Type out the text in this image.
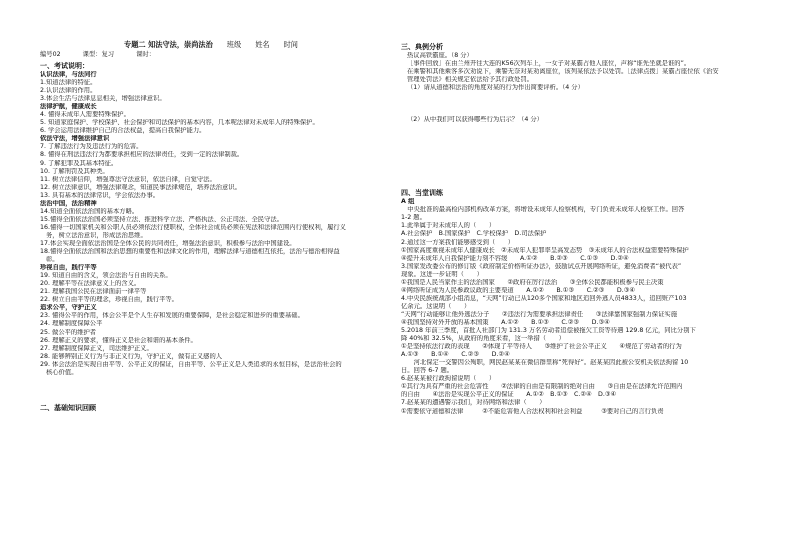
专题二 知法守法，崇尚法治 班级 姓名 时间
编号02	课型：复习	课时：
一、考试说明：
认识法律，与法同行
1.知道法律的特征。
2.认识法律的作用。
3.体会生活与法律息息相关，增强法律意识。
法律护航，健康成长
4. 懂得未成年人需要特殊保护。
5. 知道家庭保护、学校保护、社会保护和司法保护的基本内容，几本呢法律对未成年人的特殊保护。
6. 学会运用法律维护自己的合法权益，提高自我保护能力。
依法守法，增强法律意识
7. 了解违法行为及违法行为的危害。
8. 懂得在刑法违法行为都要承担相应的法律责任，受到一定的法律制裁。
9. 了解犯罪及其基本特征。
10. 了解刑罚及其种类。
11. 树立法律信仰，增强尊法守法意识，依法自律，自觉守法。
12. 树立法律意识，增强法律观念，知道民事法律规范，培养法治意识。
13. 具有基本的法律常识，学会依法办事。
法治中国，法治精神
14.知道全面依法治国的基本方略。
15.懂得全面依法治国必须坚持立法、推进科学立法、严格执法、公正司法、全民守法。
16.懂得一切国家机关和公职人员必须依法行使职权，全体社会成员必须在宪法和法律范围内行使权利，履行义
务，树立法治意识，形成法治思维。
17.体会实现全面依法治国是全体公民的共同责任，增强法治意识，积极参与法治中国建设。
18.懂得全面依法治国和法治思想的重要性和法律文化的作用，理解法律与道德相互依托，法治与德治相得益
彰。
珍视自由，践行平等
19. 知道自由的含义，领会法治与自由的关系。
20. 理解平等在法律意义上的含义。
21. 理解我国公民在法律面前一律平等
22. 树立自由平等的理念，珍视自由，践行平等。
追求公平，守护正义
23. 懂得公平的作用，体会公平是个人生存和发展的重要保障，是社会稳定和进步的重要基础。
24. 理解制度保障公平
25. 做公平的维护者
26. 理解正义的要求，懂得正义是社会和谐的基本条件。
27. 理解制度保障正义，司法维护正义。
28. 能够辨别正义行为与非正义行为，守护正义，做有正义感的人
29. 体会法治是实现自由平等、公平正义的保证，自由平等、公平正义是人类追求的永恒目标，是法治社会的
核心价值。
二、基础知识回顾
三、典例分析
热议高铁霸座。（8 分）
［事件回放］在由兰州开往大连的K56次列车上，一女子对某霸占他人座位，声称“谁先坐就是谁的”。
在乘警和其他乘客多次劝说下，乘警无奈对某劝离座位，该列某依法予以处罚。［法律点拨］某霸占座位依《治安
管理处罚法》相关规定依法给予其行政处罚。
（1）请从道德和法治的角度对某的行为作出简要评析。（4 分）
（2）从中我们可以获得哪些行为启示？（4 分）
四、当堂训练
A 组
　中央批准的最高检内部机构改革方案，将增设未成年人检察机构，专门负责未成年人检察工作。回答
1-2 题。
1.此举属于对未成年人的（　　）
A.社会保护　B.国家保护　C.学校保护　D.司法保护
2.通过这一方案我们能够感受到（　　）
①国家高度重视未成年人健康成长　②未成年人犯罪率呈高发态势　③未成年人的合法权益需要特殊保护
④提升未成年人自我保护能力刻不容缓　　A.①②　　B.②③　　C.①③　　D.②④
3.国家发改委公布的修订版《政府制定价格听证办法》，鼓励试点开展网络听证，避免消费者“被代表”
现象。这进一步证明（　　）
①我国是人民当家作主的法治国家　　②政府在厉行法治　　③全体公民都能积极参与民主决策
④网络听证成为人民参政议政的主要渠道　　A.①②　　B.①③　　C.②③　　D.③④
4.中央民族统战部小组消息，“天网”行动已从120多个国家和地区追回外逃人员4833人，追回赃产103
亿余元。这说明（　　）
“天网”行动能够让他外逃法分子　　②违法行为需要承担法律责任　　③法律靠国家强制力保证实施
④我国坚持对外开放的基本国策　　A.①②　　B.①③　　C.②③　　D.③④
5.2018 年前三季度，首批人社部门为 131.3 万名劳动者追偿被拖欠工资等待遇 129.8 亿元，同比分别下
降 40%和 32.5%，从政府的角度来看，这一举措（　　）
①是坚持依法行政的表现　　②体现了平等待人　　③维护了社会公平正义　　④规范了劳动者的行为
A.①③　　B.①④　　C.②③　　D.②④
　　河北保定一交警因公殉职，网民赵某某在微信群里称“死得好”。赵某某因此被公安机关依法拘留 10
日。回答 6-7 题。
6.赵某某被行政拘留说明（　　）
①其行为具有严重的社会危害性　　②法律的自由是有限制的绝对自由　　③自由是在法律允许范围内
的自由　　④法治是实现公平正义的保证　　A.①②　B.①③　C.②④　D.③④
7.赵某某的遭遇警示我们，对待网络和法律（　　）
①需要依守道德和法律　　　②不能危害他人合法权利和社会利益　　　③要对自己的言行负责
